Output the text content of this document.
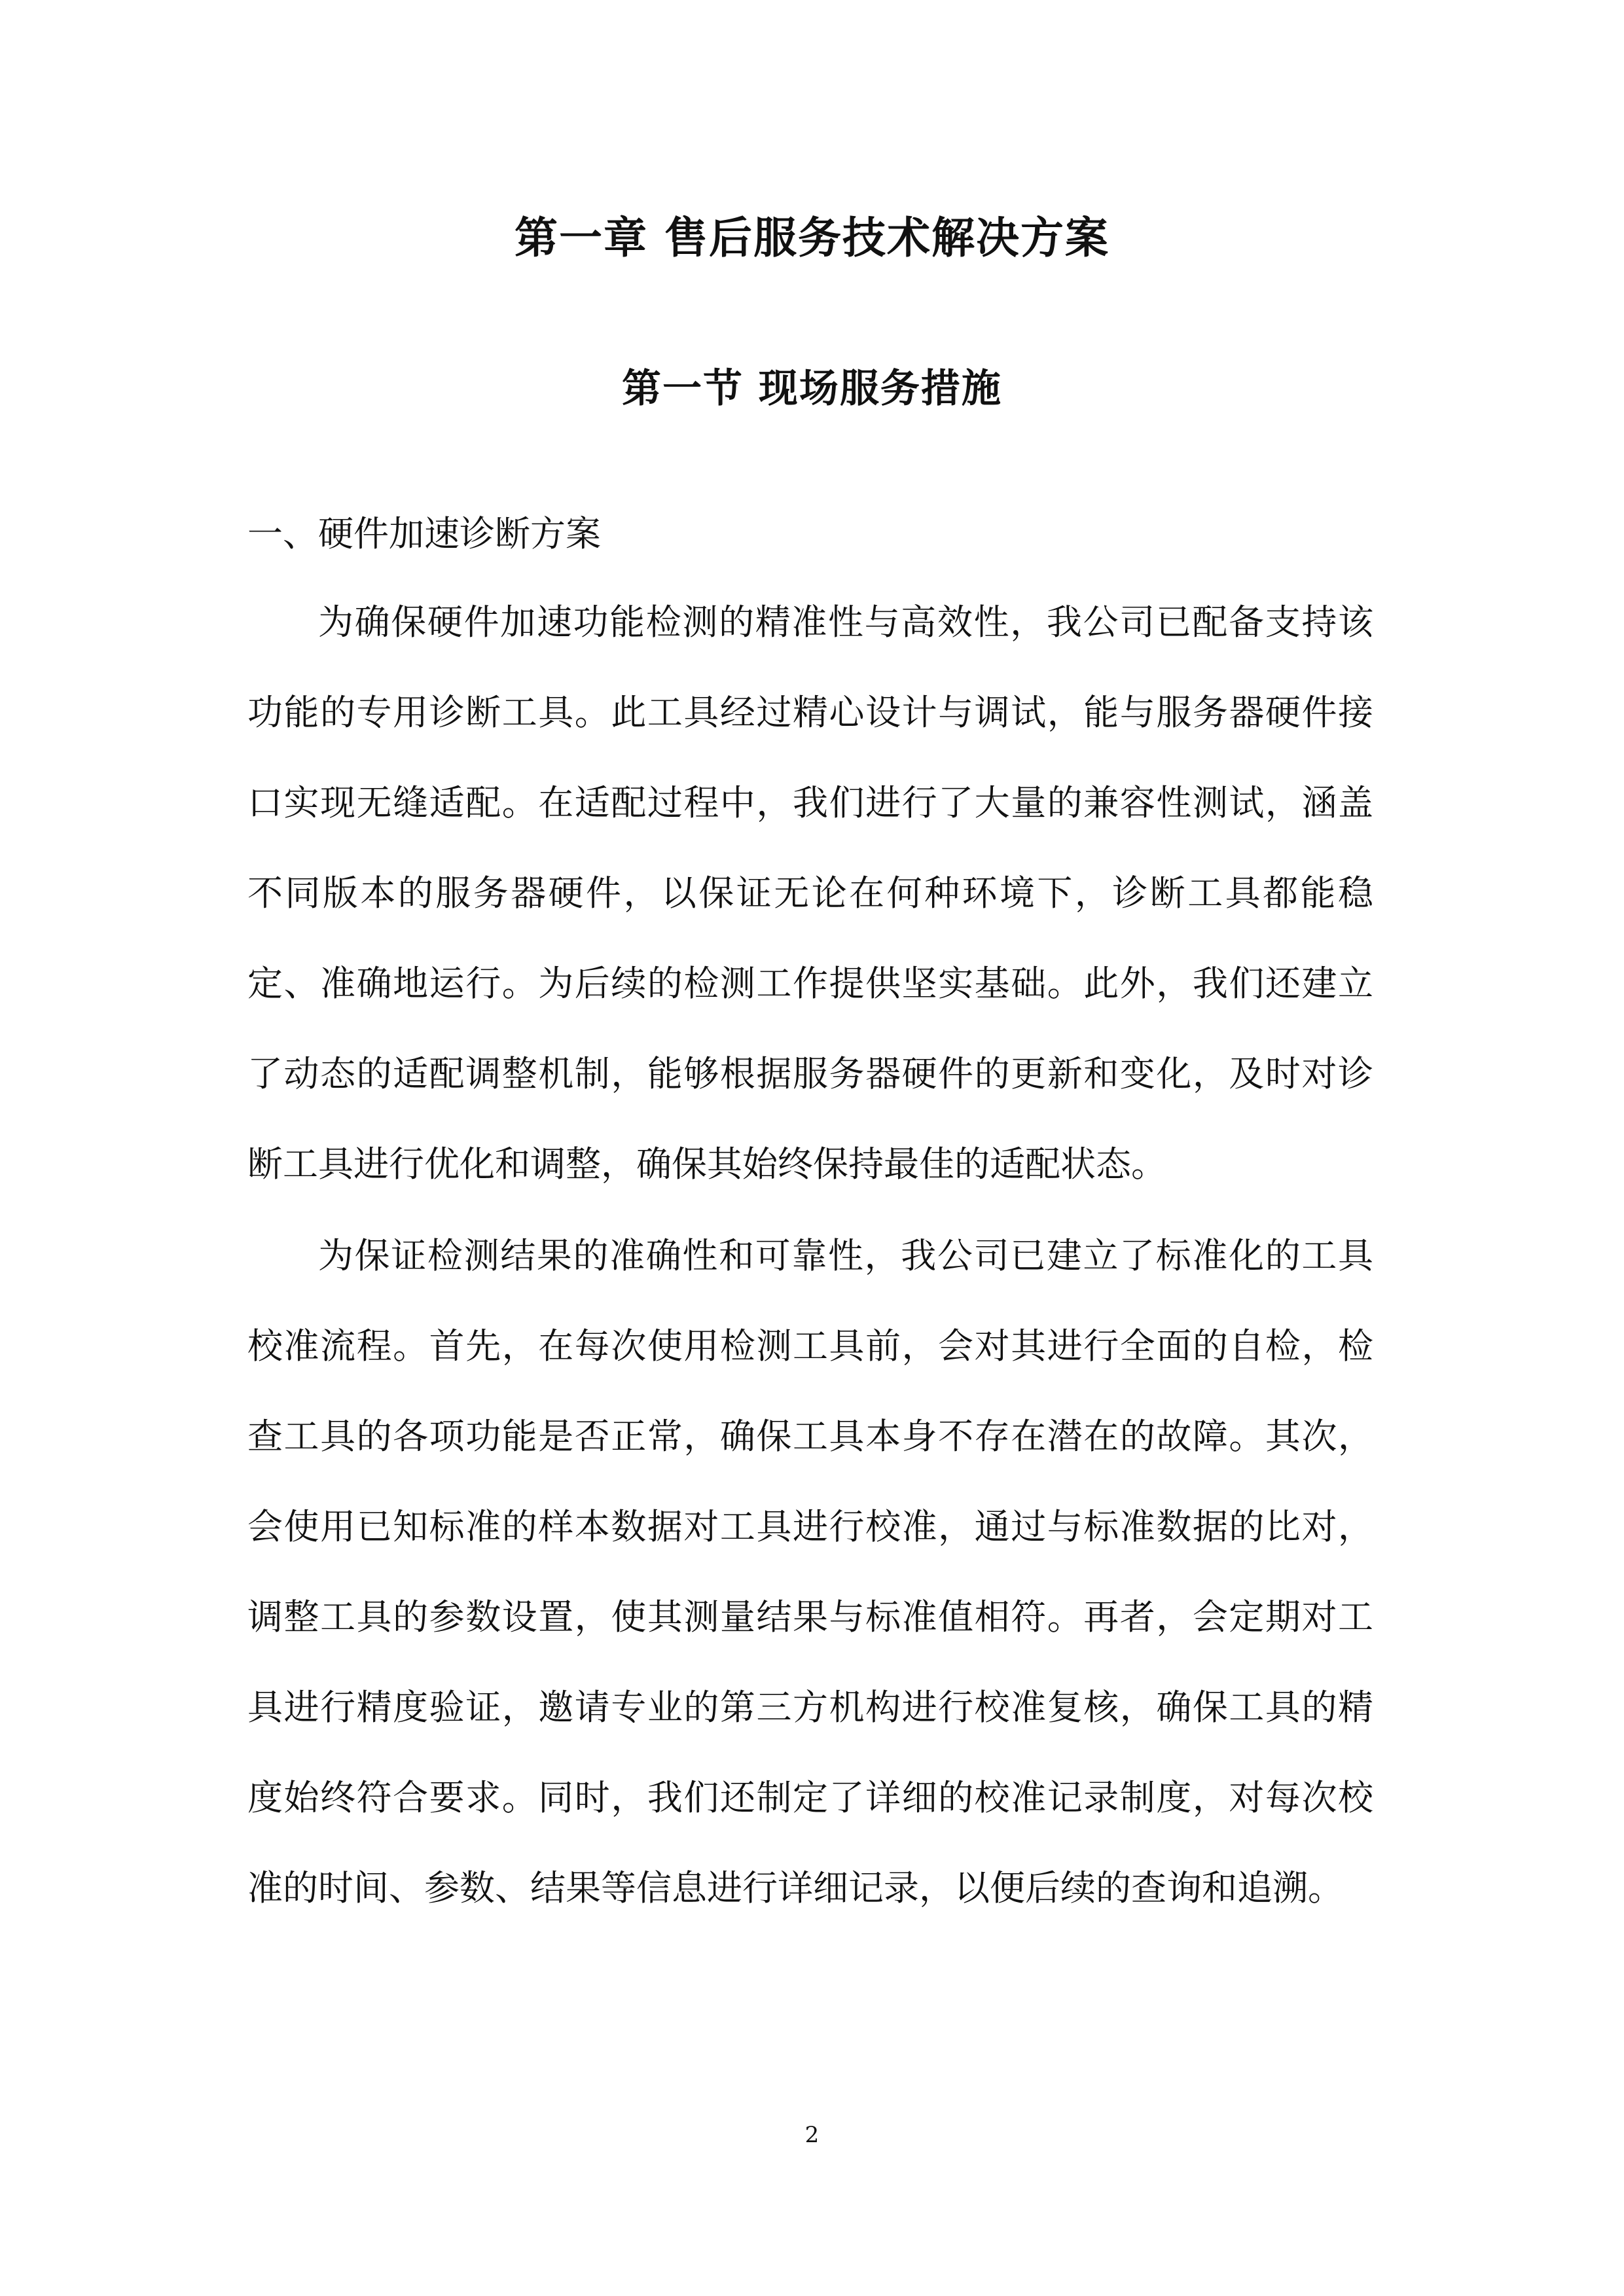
第一章 售后服务技术解决方案
第一节 现场服务措施
一、硬件加速诊断方案

为确保硬件加速功能检测的精准性与高效性，我公司已配备支持该功能的专用诊断工具。此工具经过精心设计与调试，能与服务器硬件接口实现无缝适配。在适配过程中，我们进行了大量的兼容性测试，涵盖不同版本的服务器硬件，以保证无论在何种环境下，诊断工具都能稳定、准确地运行。为后续的检测工作提供坚实基础。此外，我们还建立了动态的适配调整机制，能够根据服务器硬件的更新和变化，及时对诊断工具进行优化和调整，确保其始终保持最佳的适配状态。

为保证检测结果的准确性和可靠性，我公司已建立了标准化的工具校准流程。首先，在每次使用检测工具前，会对其进行全面的自检，检查工具的各项功能是否正常，确保工具本身不存在潜在的故障。其次，会使用已知标准的样本数据对工具进行校准，通过与标准数据的比对，调整工具的参数设置，使其测量结果与标准值相符。再者，会定期对工具进行精度验证，邀请专业的第三方机构进行校准复核，确保工具的精度始终符合要求。同时，我们还制定了详细的校准记录制度，对每次校准的时间、参数、结果等信息进行详细记录，以便后续的查询和追溯。

2
